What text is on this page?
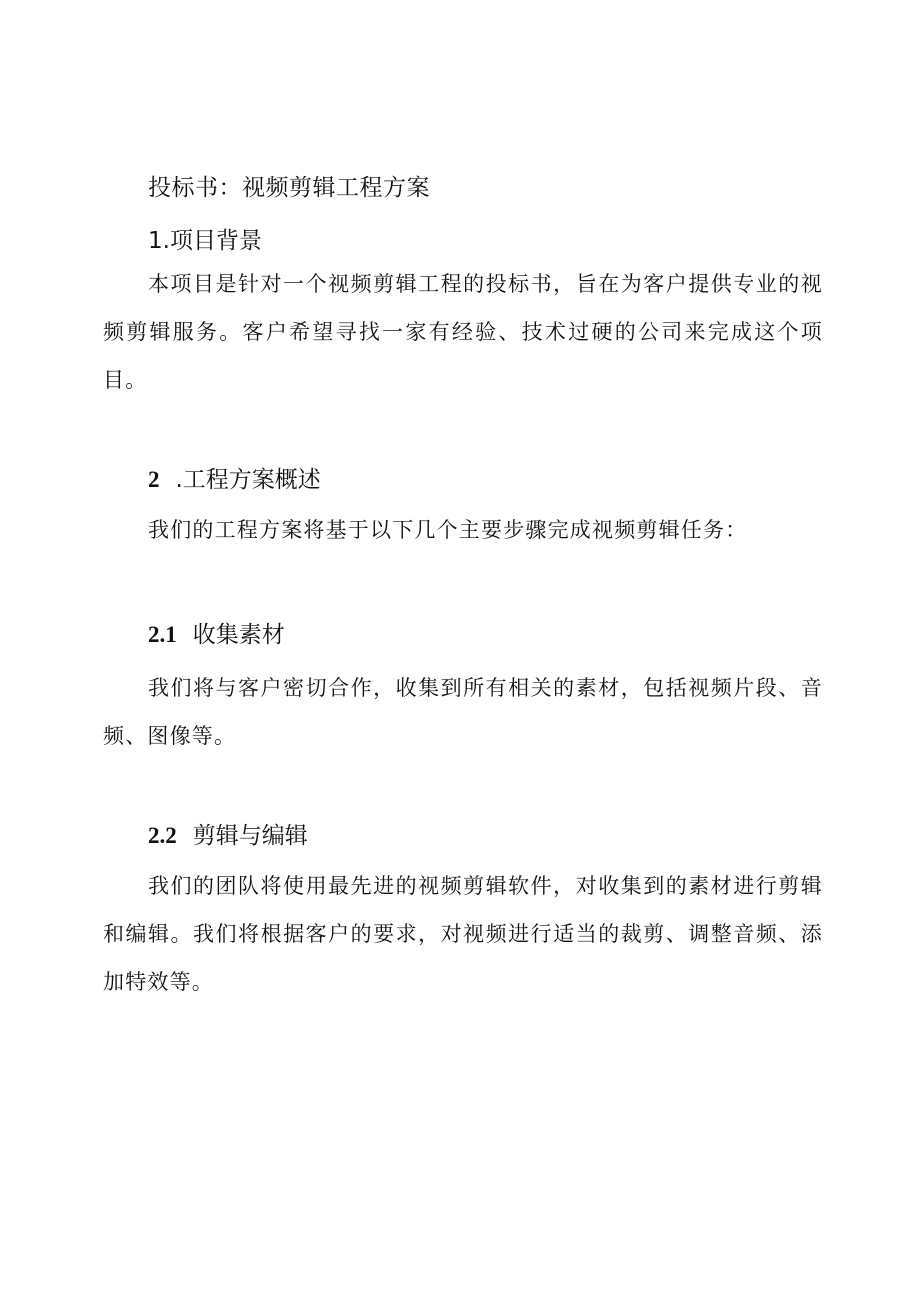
投标书：视频剪辑工程方案
1.项目背景

本项目是针对一个视频剪辑工程的投标书，旨在为客户提供专业的视频剪辑服务。客户希望寻找一家有经验、技术过硬的公司来完成这个项目。

2 .工程方案概述

我们的工程方案将基于以下几个主要步骤完成视频剪辑任务：

2.1 收集素材

我们将与客户密切合作，收集到所有相关的素材，包括视频片段、音频、图像等。

2.2 剪辑与编辑

我们的团队将使用最先进的视频剪辑软件，对收集到的素材进行剪辑和编辑。我们将根据客户的要求，对视频进行适当的裁剪、调整音频、添加特效等。
